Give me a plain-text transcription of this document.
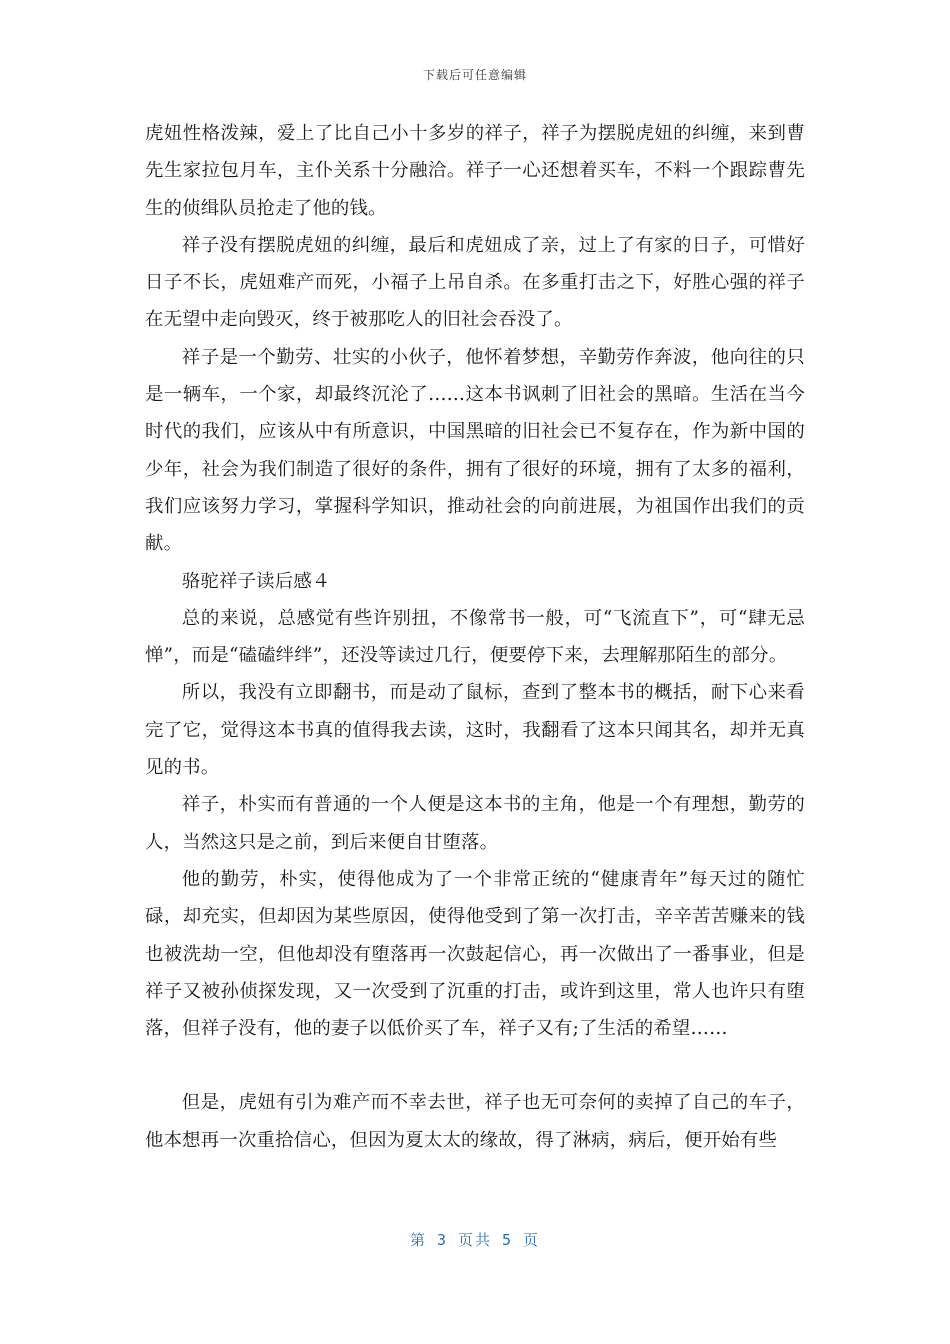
下载后可任意编辑

虎妞性格泼辣，爱上了比自己小十多岁的祥子，祥子为摆脱虎妞的纠缠，来到曹先生家拉包月车，主仆关系十分融洽。祥子一心还想着买车，不料一个跟踪曹先生的侦缉队员抢走了他的钱。

祥子没有摆脱虎妞的纠缠，最后和虎妞成了亲，过上了有家的日子，可惜好日子不长，虎妞难产而死，小福子上吊自杀。在多重打击之下，好胜心强的祥子在无望中走向毁灭，终于被那吃人的旧社会吞没了。

祥子是一个勤劳、壮实的小伙子，他怀着梦想，辛勤劳作奔波，他向往的只是一辆车，一个家，却最终沉沦了……这本书讽刺了旧社会的黑暗。生活在当今时代的我们，应该从中有所意识，中国黑暗的旧社会已不复存在，作为新中国的少年，社会为我们制造了很好的条件，拥有了很好的环境，拥有了太多的福利，我们应该努力学习，掌握科学知识，推动社会的向前进展，为祖国作出我们的贡献。

骆驼祥子读后感４

总的来说，总感觉有些许别扭，不像常书一般，可“飞流直下”，可“肆无忌惮”，而是“磕磕绊绊”，还没等读过几行，便要停下来，去理解那陌生的部分。

所以，我没有立即翻书，而是动了鼠标，查到了整本书的概括，耐下心来看完了它，觉得这本书真的值得我去读，这时，我翻看了这本只闻其名，却并无真见的书。

祥子，朴实而有普通的一个人便是这本书的主角，他是一个有理想，勤劳的人，当然这只是之前，到后来便自甘堕落。

他的勤劳，朴实，使得他成为了一个非常正统的“健康青年”每天过的随忙碌，却充实，但却因为某些原因，使得他受到了第一次打击，辛辛苦苦赚来的钱也被洗劫一空，但他却没有堕落再一次鼓起信心，再一次做出了一番事业，但是祥子又被孙侦探发现，又一次受到了沉重的打击，或许到这里，常人也许只有堕落，但祥子没有，他的妻子以低价买了车，祥子又有;了生活的希望……

但是，虎妞有引为难产而不幸去世，祥子也无可奈何的卖掉了自己的车子，他本想再一次重拾信心，但因为夏太太的缘故，得了淋病，病后，便开始有些

第 3 页共 5 页
